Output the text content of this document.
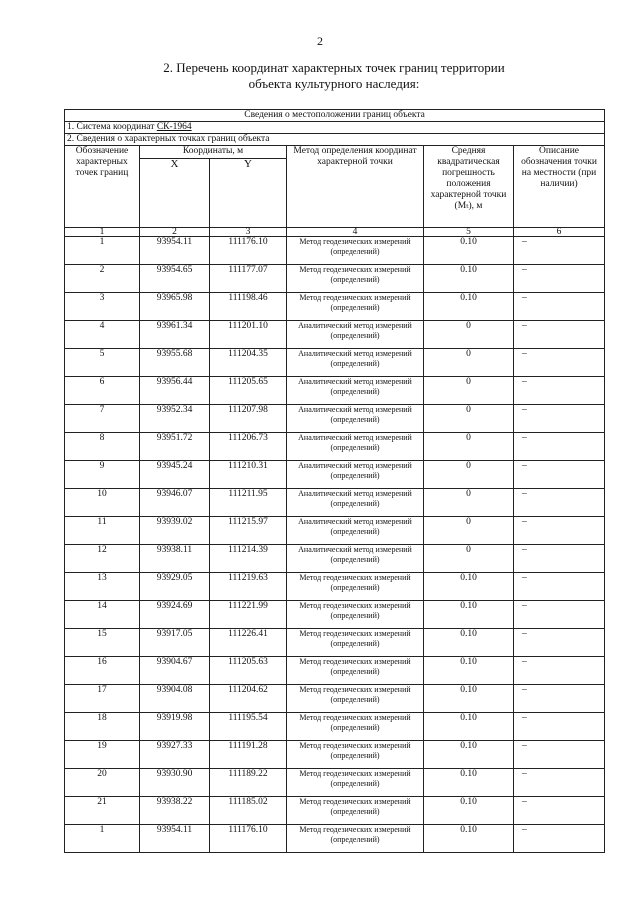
2
2. Перечень координат характерных точек границ территории
объекта культурного наследия:
Сведения о местоположении границ объекта					
1. Система координат СК-1964					
2. Сведения о характерных точках границ объекта					
Обозначение характерных точек границ	Координаты, м		Метод определения координат характерной точки	Средняя квадратическая погрешность положения характерной точки (Mₜ), м	Описание обозначения точки на местности (при наличии)
	X	Y			
1	2	3	4	5	6
1	93954.11	111176.10	Метод геодезических измерений (определений)	0.10	–
2	93954.65	111177.07	Метод геодезических измерений (определений)	0.10	–
3	93965.98	111198.46	Метод геодезических измерений (определений)	0.10	–
4	93961.34	111201.10	Аналитический метод измерений (определений)	0	–
5	93955.68	111204.35	Аналитический метод измерений (определений)	0	–
6	93956.44	111205.65	Аналитический метод измерений (определений)	0	–
7	93952.34	111207.98	Аналитический метод измерений (определений)	0	–
8	93951.72	111206.73	Аналитический метод измерений (определений)	0	–
9	93945.24	111210.31	Аналитический метод измерений (определений)	0	–
10	93946.07	111211.95	Аналитический метод измерений (определений)	0	–
11	93939.02	111215.97	Аналитический метод измерений (определений)	0	–
12	93938.11	111214.39	Аналитический метод измерений (определений)	0	–
13	93929.05	111219.63	Метод геодезических измерений (определений)	0.10	–
14	93924.69	111221.99	Метод геодезических измерений (определений)	0.10	–
15	93917.05	111226.41	Метод геодезических измерений (определений)	0.10	–
16	93904.67	111205.63	Метод геодезических измерений (определений)	0.10	–
17	93904.08	111204.62	Метод геодезических измерений (определений)	0.10	–
18	93919.98	111195.54	Метод геодезических измерений (определений)	0.10	–
19	93927.33	111191.28	Метод геодезических измерений (определений)	0.10	–
20	93930.90	111189.22	Метод геодезических измерений (определений)	0.10	–
21	93938.22	111185.02	Метод геодезических измерений (определений)	0.10	–
1	93954.11	111176.10	Метод геодезических измерений (определений)	0.10	–
